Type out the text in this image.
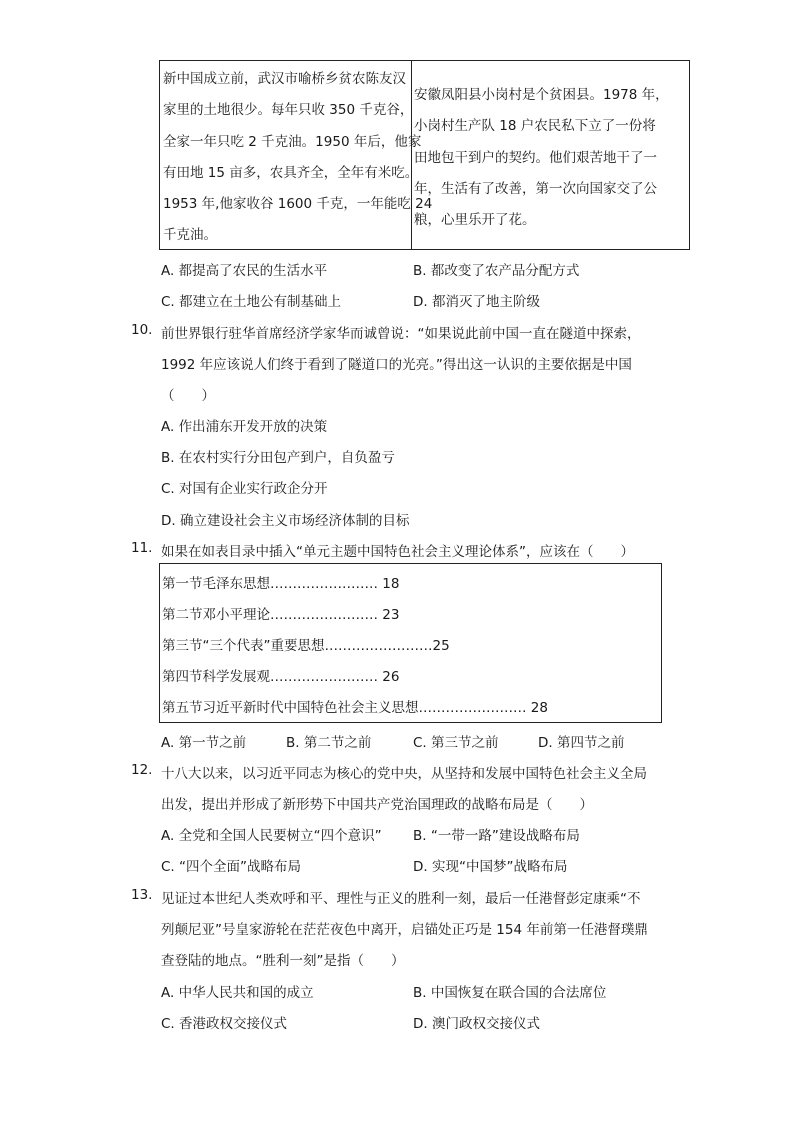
新中国成立前，武汉市喻桥乡贫农陈友汉
家里的土地很少。每年只收 350 千克谷，
全家一年只吃 2 千克油。1950 年后，他家
有田地 15 亩多，农具齐全，全年有米吃。
1953 年,他家收谷 1600 千克，一年能吃 24
千克油。
安徽凤阳县小岗村是个贫困县。1978 年，
小岗村生产队 18 户农民私下立了一份将
田地包干到户的契约。他们艰苦地干了一
年，生活有了改善，第一次向国家交了公
粮，心里乐开了花。
A. 都提高了农民的生活水平	B. 都改变了农产品分配方式
C. 都建立在土地公有制基础上	D. 都消灭了地主阶级
10. 前世界银行驻华首席经济学家华而诚曾说：“如果说此前中国一直在隧道中探索，
1992 年应该说人们终于看到了隧道口的光亮。”得出这一认识的主要依据是中国
（　　）
A. 作出浦东开发开放的决策
B. 在农村实行分田包产到户，自负盈亏
C. 对国有企业实行政企分开
D. 确立建设社会主义市场经济体制的目标
11. 如果在如表目录中插入“单元主题中国特色社会主义理论体系”，应该在（　　）
第一节毛泽东思想…………………… 18
第二节邓小平理论…………………… 23
第三节“三个代表”重要思想……………………25
第四节科学发展观…………………… 26
第五节习近平新时代中国特色社会主义思想…………………… 28
A. 第一节之前	B. 第二节之前	C. 第三节之前	D. 第四节之前
12. 十八大以来，以习近平同志为核心的党中央，从坚持和发展中国特色社会主义全局
出发，提出并形成了新形势下中国共产党治国理政的战略布局是（　　）
A. 全党和全国人民要树立“四个意识” B. “一带一路”建设战略布局
C. “四个全面”战略布局	D. 实现“中国梦”战略布局
13. 见证过本世纪人类欢呼和平、理性与正义的胜利一刻，最后一任港督彭定康乘“不
列颠尼亚”号皇家游轮在茫茫夜色中离开，启锚处正巧是 154 年前第一任港督璞鼎
查登陆的地点。“胜利一刻”是指（　　）
A. 中华人民共和国的成立	B. 中国恢复在联合国的合法席位
C. 香港政权交接仪式	D. 澳门政权交接仪式
